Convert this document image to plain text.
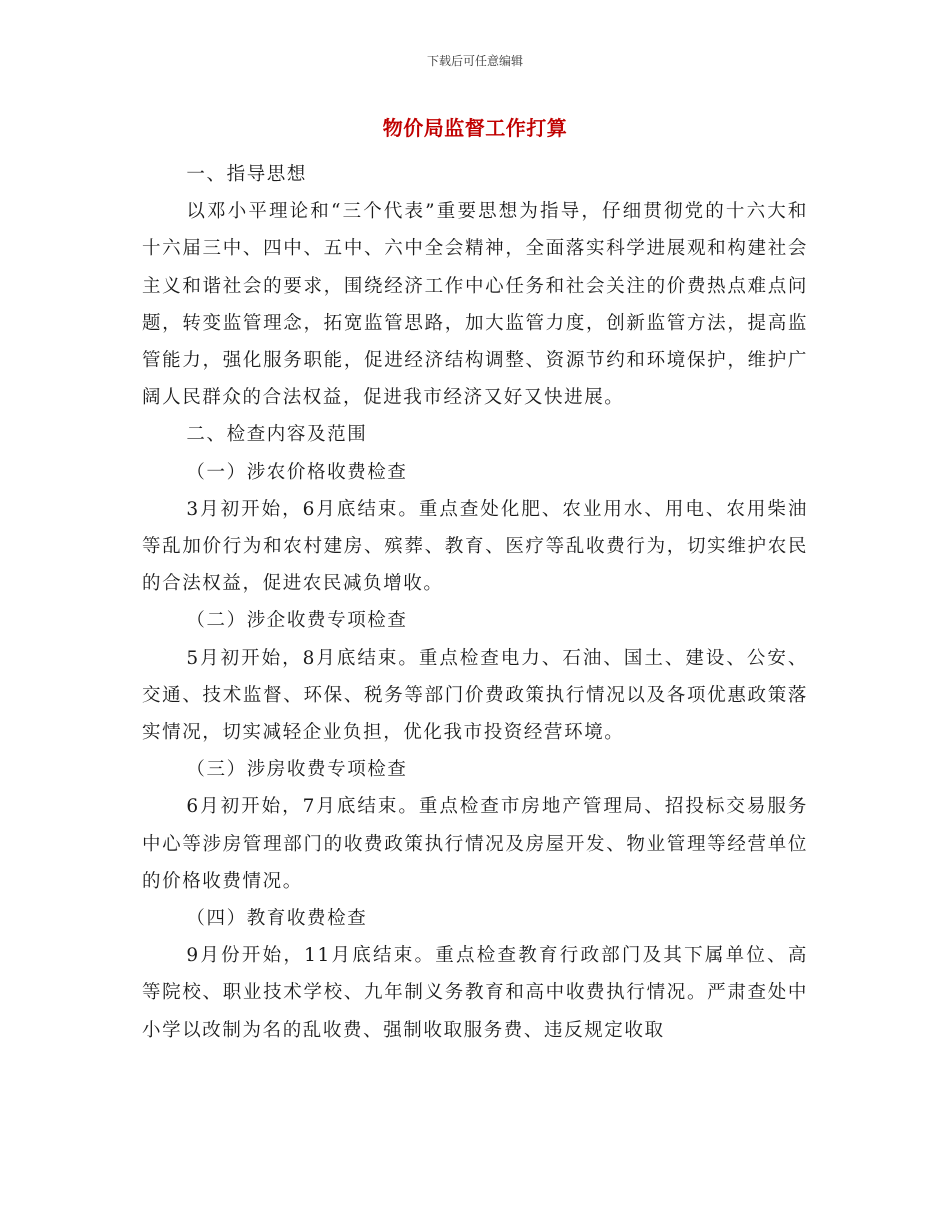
下载后可任意编辑
物价局监督工作打算

一、指导思想

以邓小平理论和“三个代表”重要思想为指导，仔细贯彻党的十六大和十六届三中、四中、五中、六中全会精神，全面落实科学进展观和构建社会主义和谐社会的要求，围绕经济工作中心任务和社会关注的价费热点难点问题，转变监管理念，拓宽监管思路，加大监管力度，创新监管方法，提高监管能力，强化服务职能，促进经济结构调整、资源节约和环境保护，维护广阔人民群众的合法权益，促进我市经济又好又快进展。

二、检查内容及范围

（一）涉农价格收费检查

3月初开始，6月底结束。重点查处化肥、农业用水、用电、农用柴油等乱加价行为和农村建房、殡葬、教育、医疗等乱收费行为，切实维护农民的合法权益，促进农民减负增收。

（二）涉企收费专项检查

5月初开始，8月底结束。重点检查电力、石油、国土、建设、公安、交通、技术监督、环保、税务等部门价费政策执行情况以及各项优惠政策落实情况，切实减轻企业负担，优化我市投资经营环境。

（三）涉房收费专项检查

6月初开始，7月底结束。重点检查市房地产管理局、招投标交易服务中心等涉房管理部门的收费政策执行情况及房屋开发、物业管理等经营单位的价格收费情况。

（四）教育收费检查

9月份开始，11月底结束。重点检查教育行政部门及其下属单位、高等院校、职业技术学校、九年制义务教育和高中收费执行情况。严肃查处中小学以改制为名的乱收费、强制收取服务费、违反规定收取
